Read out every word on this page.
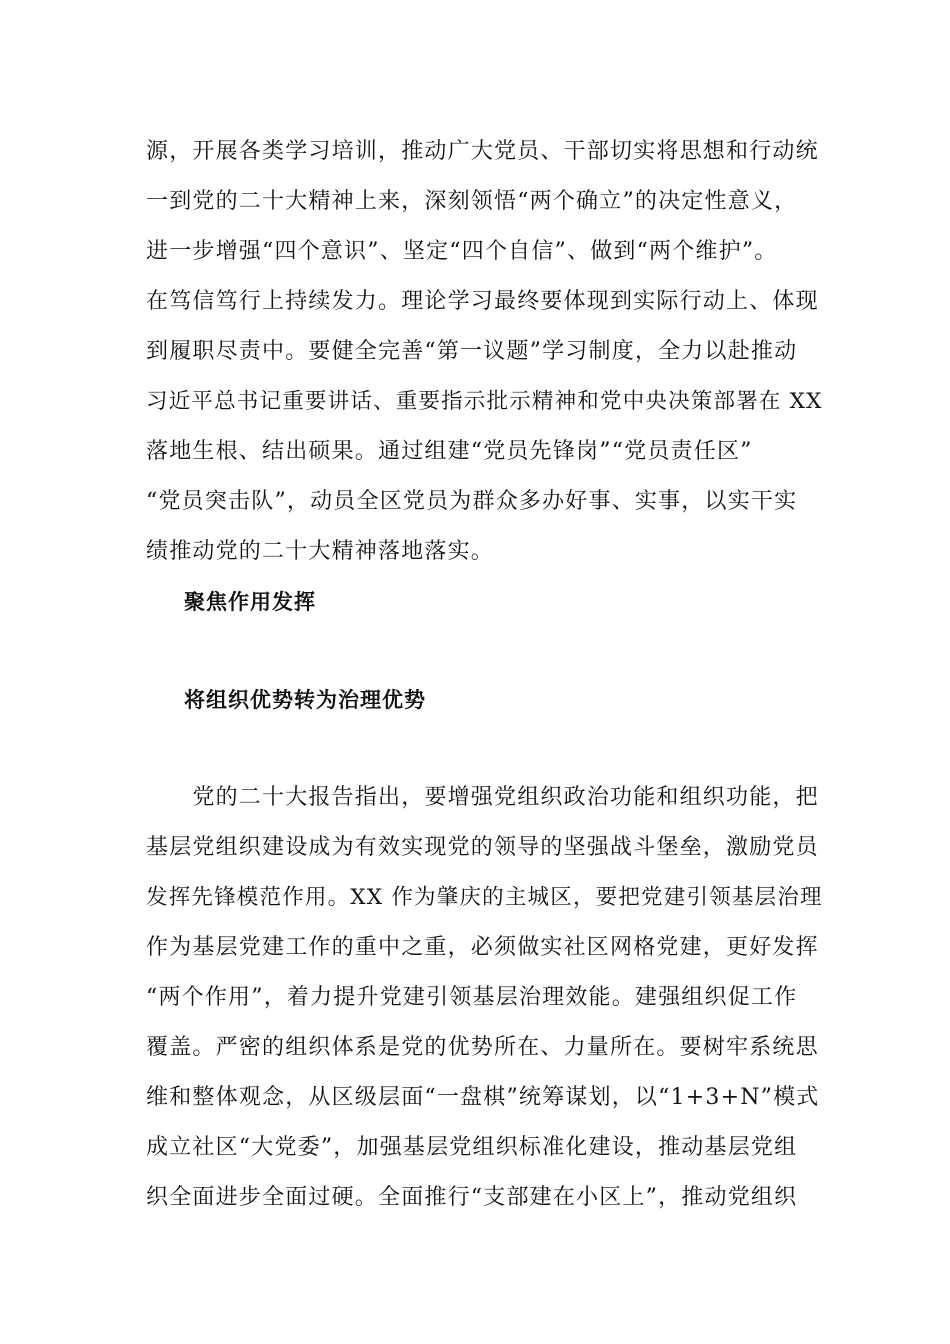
源，开展各类学习培训，推动广大党员、干部切实将思想和行动统
一到党的二十大精神上来，深刻领悟“两个确立”的决定性意义，
进一步增强“四个意识”、坚定“四个自信”、做到“两个维护”。
在笃信笃行上持续发力。理论学习最终要体现到实际行动上、体现
到履职尽责中。要健全完善“第一议题”学习制度，全力以赴推动
习近平总书记重要讲话、重要指示批示精神和党中央决策部署在 XX
落地生根、结出硕果。通过组建“党员先锋岗”“党员责任区”
“党员突击队”，动员全区党员为群众多办好事、实事，以实干实
绩推动党的二十大精神落地落实。
聚焦作用发挥
将组织优势转为治理优势
　　党的二十大报告指出，要增强党组织政治功能和组织功能，把
基层党组织建设成为有效实现党的领导的坚强战斗堡垒，激励党员
发挥先锋模范作用。XX 作为肇庆的主城区，要把党建引领基层治理
作为基层党建工作的重中之重，必须做实社区网格党建，更好发挥
“两个作用”，着力提升党建引领基层治理效能。建强组织促工作
覆盖。严密的组织体系是党的优势所在、力量所在。要树牢系统思
维和整体观念，从区级层面“一盘棋”统筹谋划，以“1+3+N”模式
成立社区“大党委”，加强基层党组织标准化建设，推动基层党组
织全面进步全面过硬。全面推行“支部建在小区上”，推动党组织
